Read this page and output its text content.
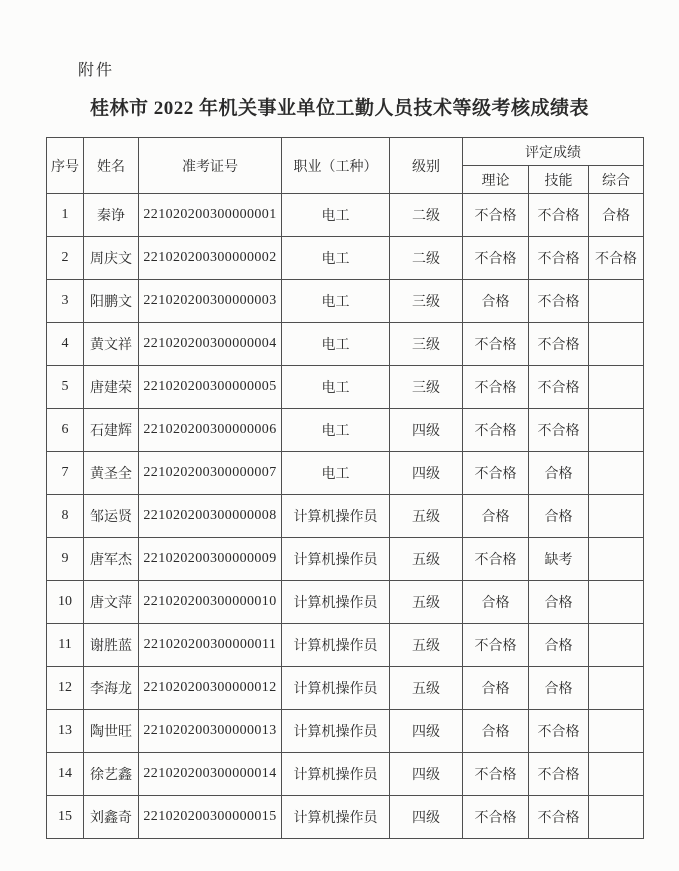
附件
桂林市 2022 年机关事业单位工勤人员技术等级考核成绩表
序号	姓名	准考证号	职业（工种）	级别	评定成绩		
					理论	技能	综合
1	秦诤	221020200300000001	电工	二级	不合格	不合格	合格
2	周庆文	221020200300000002	电工	二级	不合格	不合格	不合格
3	阳鹏文	221020200300000003	电工	三级	合格	不合格	
4	黄文祥	221020200300000004	电工	三级	不合格	不合格	
5	唐建荣	221020200300000005	电工	三级	不合格	不合格	
6	石建辉	221020200300000006	电工	四级	不合格	不合格	
7	黄圣全	221020200300000007	电工	四级	不合格	合格	
8	邹运贤	221020200300000008	计算机操作员	五级	合格	合格	
9	唐军杰	221020200300000009	计算机操作员	五级	不合格	缺考	
10	唐文萍	221020200300000010	计算机操作员	五级	合格	合格	
11	谢胜蓝	221020200300000011	计算机操作员	五级	不合格	合格	
12	李海龙	221020200300000012	计算机操作员	五级	合格	合格	
13	陶世旺	221020200300000013	计算机操作员	四级	合格	不合格	
14	徐艺鑫	221020200300000014	计算机操作员	四级	不合格	不合格	
15	刘鑫奇	221020200300000015	计算机操作员	四级	不合格	不合格	
